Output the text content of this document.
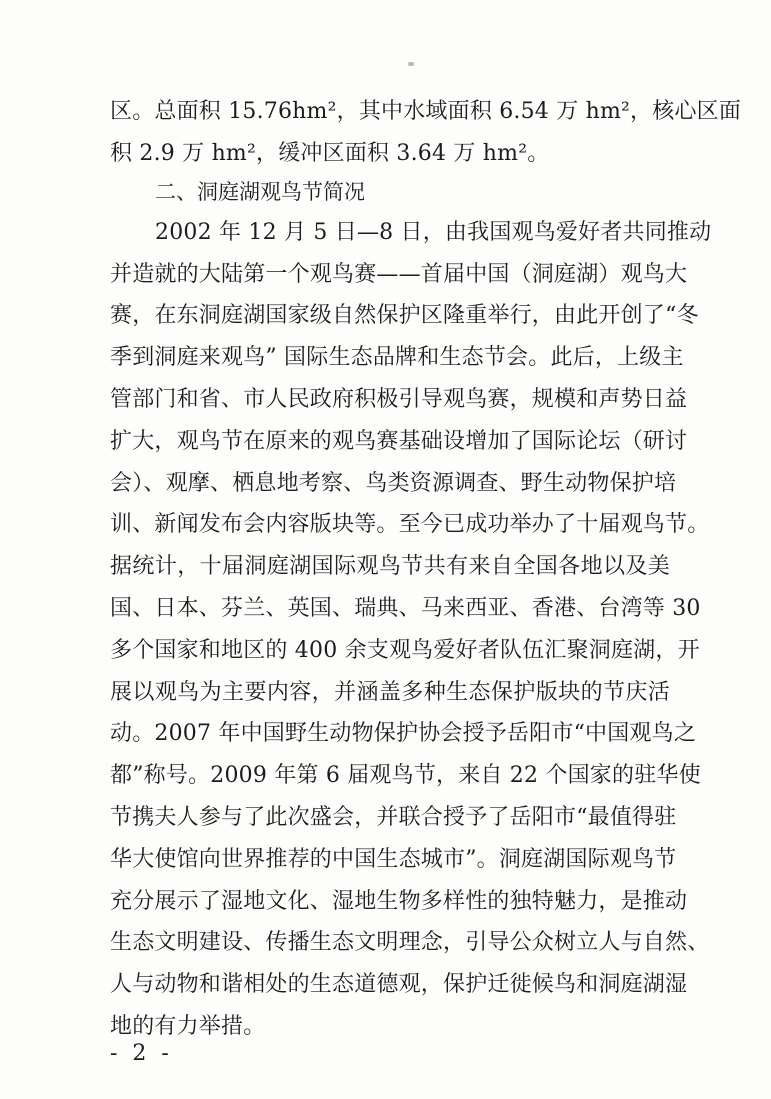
区。总面积 15.76hm²，其中水域面积 6.54 万 hm²，核心区面
积 2.9 万 hm²，缓冲区面积 3.64 万 hm²。
二、洞庭湖观鸟节简况
2002 年 12 月 5 日—8 日，由我国观鸟爱好者共同推动
并造就的大陆第一个观鸟赛——首届中国（洞庭湖）观鸟大
赛，在东洞庭湖国家级自然保护区隆重举行，由此开创了“冬
季到洞庭来观鸟” 国际生态品牌和生态节会。此后，上级主
管部门和省、市人民政府积极引导观鸟赛，规模和声势日益
扩大，观鸟节在原来的观鸟赛基础设增加了国际论坛（研讨
会）、观摩、栖息地考察、鸟类资源调查、野生动物保护培
训、新闻发布会内容版块等。至今已成功举办了十届观鸟节。
据统计，十届洞庭湖国际观鸟节共有来自全国各地以及美
国、日本、芬兰、英国、瑞典、马来西亚、香港、台湾等 30
多个国家和地区的 400 余支观鸟爱好者队伍汇聚洞庭湖，开
展以观鸟为主要内容，并涵盖多种生态保护版块的节庆活
动。2007 年中国野生动物保护协会授予岳阳市“中国观鸟之
都”称号。2009 年第 6 届观鸟节，来自 22 个国家的驻华使
节携夫人参与了此次盛会，并联合授予了岳阳市“最值得驻
华大使馆向世界推荐的中国生态城市”。洞庭湖国际观鸟节
充分展示了湿地文化、湿地生物多样性的独特魅力，是推动
生态文明建设、传播生态文明理念，引导公众树立人与自然、
人与动物和谐相处的生态道德观，保护迁徙候鸟和洞庭湖湿
地的有力举措。
- 2 -
